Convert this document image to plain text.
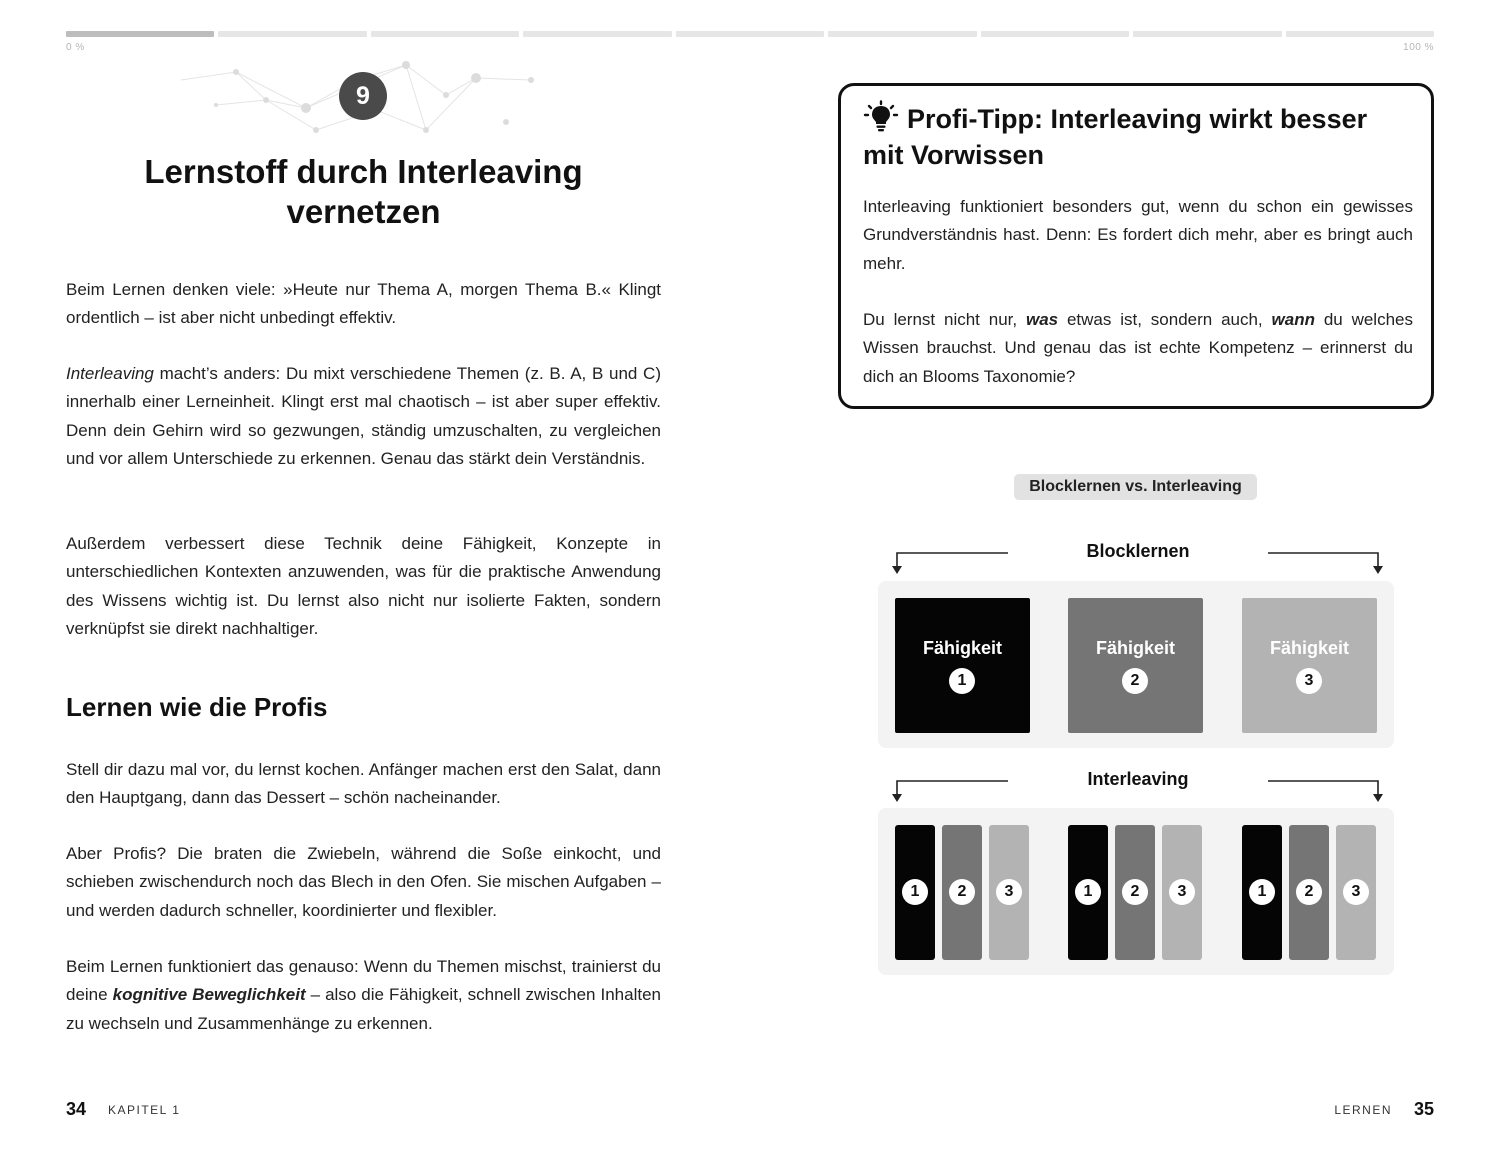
0 %	100 %
9
Lernstoff durch Interleaving
vernetzen

Beim Lernen denken viele: »Heute nur Thema A, morgen Thema B.« Klingt ordentlich – ist aber nicht unbedingt effektiv.

Interleaving macht’s anders: Du mixt verschiedene Themen (z. B. A, B und C) innerhalb einer Lerneinheit. Klingt erst mal chaotisch – ist aber super effektiv. Denn dein Gehirn wird so gezwungen, ständig umzuschalten, zu vergleichen und vor allem Unterschiede zu erkennen. Genau das stärkt dein Verständnis.

Außerdem verbessert diese Technik deine Fähigkeit, Konzepte in unterschiedlichen Kontexten anzuwenden, was für die praktische Anwendung des Wissens wichtig ist. Du lernst also nicht nur isolierte Fakten, sondern verknüpfst sie direkt nachhaltiger.

Lernen wie die Profis

Stell dir dazu mal vor, du lernst kochen. Anfänger machen erst den Salat, dann den Hauptgang, dann das Dessert – schön nacheinander.

Aber Profis? Die braten die Zwiebeln, während die Soße einkocht, und schieben zwischendurch noch das Blech in den Ofen. Sie mischen Aufgaben – und werden dadurch schneller, koordinierter und flexibler.

Beim Lernen funktioniert das genauso: Wenn du Themen mischst, trainierst du deine kognitive Beweglichkeit – also die Fähigkeit, schnell zwischen Inhalten zu wechseln und Zusammenhänge zu erkennen.

34 KAPITEL 1	LERNEN 35
Profi-Tipp: Interleaving wirkt besser mit Vorwissen

Interleaving funktioniert besonders gut, wenn du schon ein gewisses Grundverständnis hast. Denn: Es fordert dich mehr, aber es bringt auch mehr.

Du lernst nicht nur, was etwas ist, sondern auch, wann du welches Wissen brauchst. Und genau das ist echte Kompetenz – erinnerst du dich an Blooms Taxonomie?

Blocklernen vs. Interleaving
Blocklernen
Interleaving
Fähigkeit
1
Fähigkeit
2
Fähigkeit
3
1	2	3	1	2	3	1	2	3
